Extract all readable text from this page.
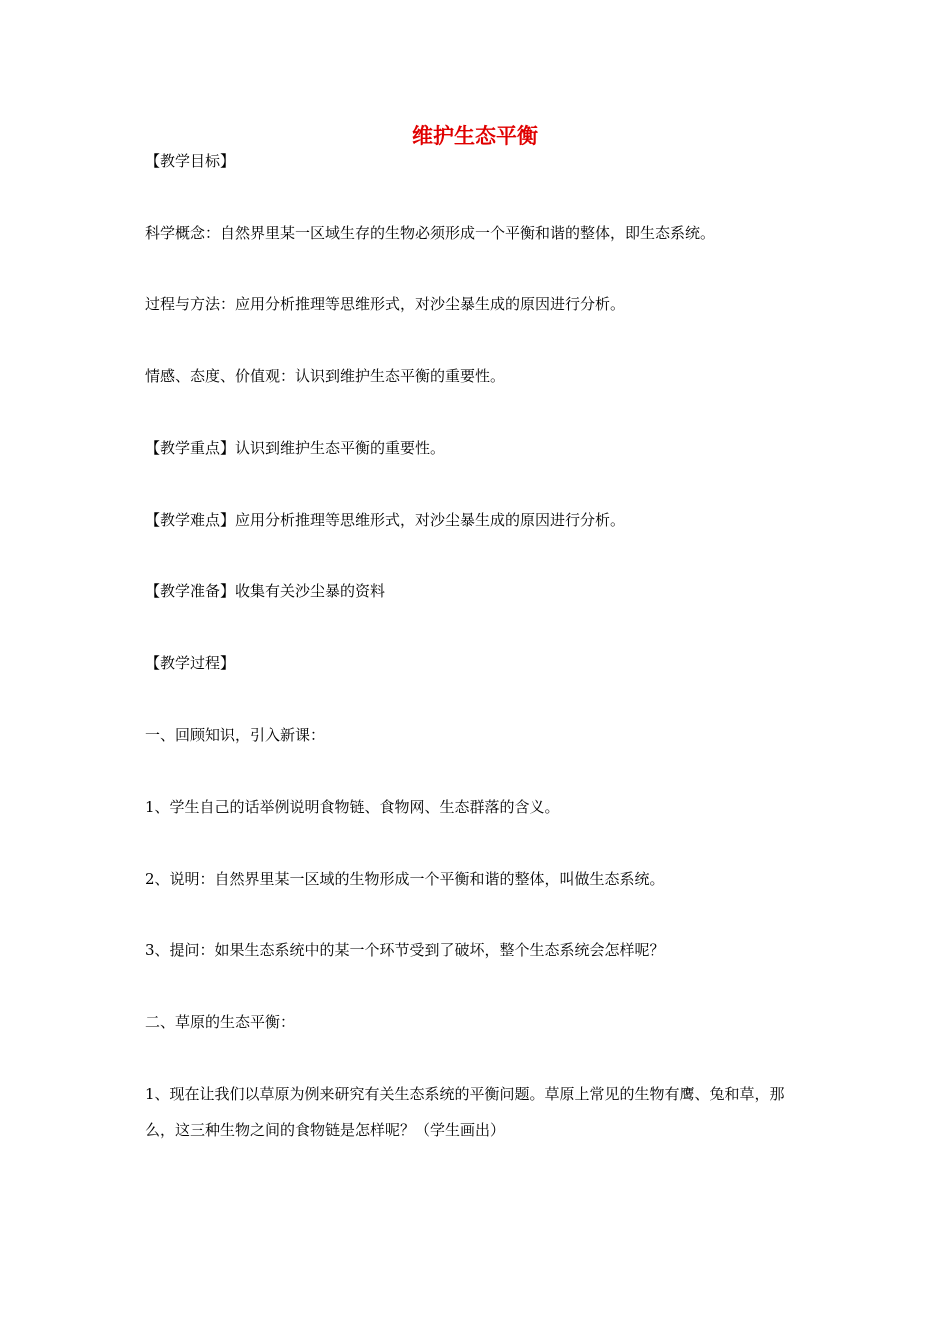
维护生态平衡
【教学目标】
科学概念：自然界里某一区域生存的生物必须形成一个平衡和谐的整体，即生态系统。
过程与方法：应用分析推理等思维形式，对沙尘暴生成的原因进行分析。
情感、态度、价值观：认识到维护生态平衡的重要性。
【教学重点】认识到维护生态平衡的重要性。
【教学难点】应用分析推理等思维形式，对沙尘暴生成的原因进行分析。
【教学准备】收集有关沙尘暴的资料
【教学过程】
一、回顾知识，引入新课：
1、学生自己的话举例说明食物链、食物网、生态群落的含义。
2、说明：自然界里某一区域的生物形成一个平衡和谐的整体，叫做生态系统。
3、提问：如果生态系统中的某一个环节受到了破坏，整个生态系统会怎样呢？
二、草原的生态平衡：
1、现在让我们以草原为例来研究有关生态系统的平衡问题。草原上常见的生物有鹰、兔和草，那么，这三种生物之间的食物链是怎样呢？（学生画出）
